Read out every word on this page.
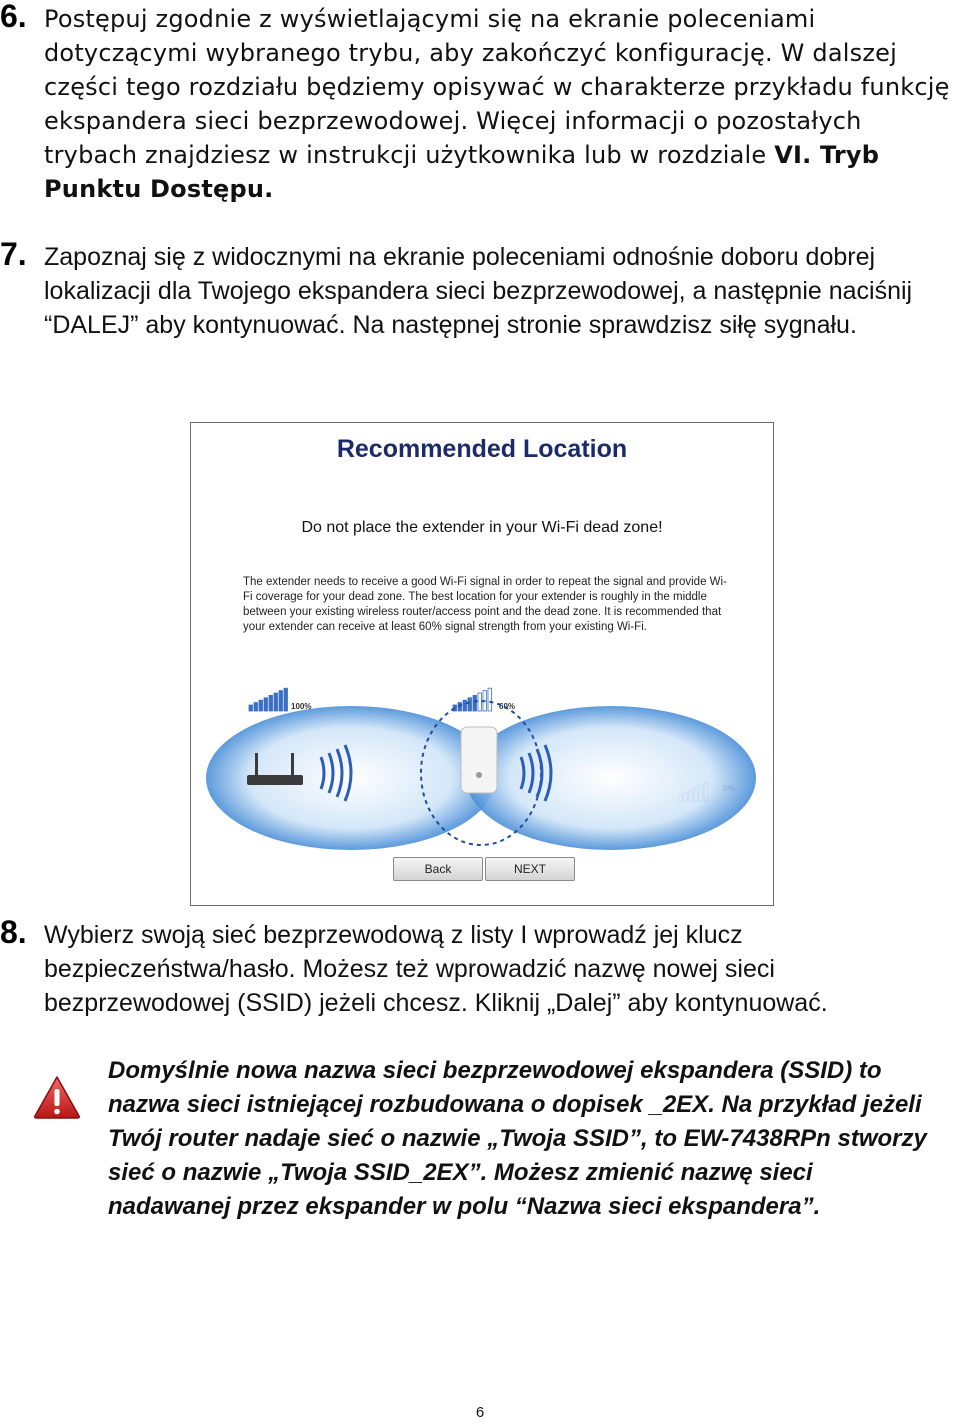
6. Postępuj zgodnie z wyświetlającymi się na ekranie poleceniami dotyczącymi wybranego trybu, aby zakończyć konfigurację. W dalszej części tego rozdziału będziemy opisywać w charakterze przykładu funkcję ekspandera sieci bezprzewodowej. Więcej informacji o pozostałych trybach znajdziesz w instrukcji użytkownika lub w rozdziale VI. Tryb Punktu Dostępu.
7. Zapoznaj się z widocznymi na ekranie poleceniami odnośnie doboru dobrej lokalizacji dla Twojego ekspandera sieci bezprzewodowej, a następnie naciśnij “DALEJ” aby kontynuować. Na następnej stronie sprawdzisz siłę sygnału.
Recommended Location
Do not place the extender in your Wi-Fi dead zone!
The extender needs to receive a good Wi-Fi signal in order to repeat the signal and provide Wi-Fi coverage for your dead zone. The best location for your extender is roughly in the middle between your existing wireless router/access point and the dead zone. It is recommended that your extender can receive at least 60% signal strength from your existing Wi-Fi.
100%	60%
Back	NEXT
8. Wybierz swoją sieć bezprzewodową z listy I wprowadź jej klucz bezpieczeństwa/hasło. Możesz też wprowadzić nazwę nowej sieci bezprzewodowej (SSID) jeżeli chcesz. Kliknij „Dalej” aby kontynuować.
Domyślnie nowa nazwa sieci bezprzewodowej ekspandera (SSID) to nazwa sieci istniejącej rozbudowana o dopisek _2EX. Na przykład jeżeli Twój router nadaje sieć o nazwie „Twoja SSID”, to EW-7438RPn stworzy sieć o nazwie „Twoja SSID_2EX”. Możesz zmienić nazwę sieci nadawanej przez ekspander w polu “Nazwa sieci ekspandera”.
6
